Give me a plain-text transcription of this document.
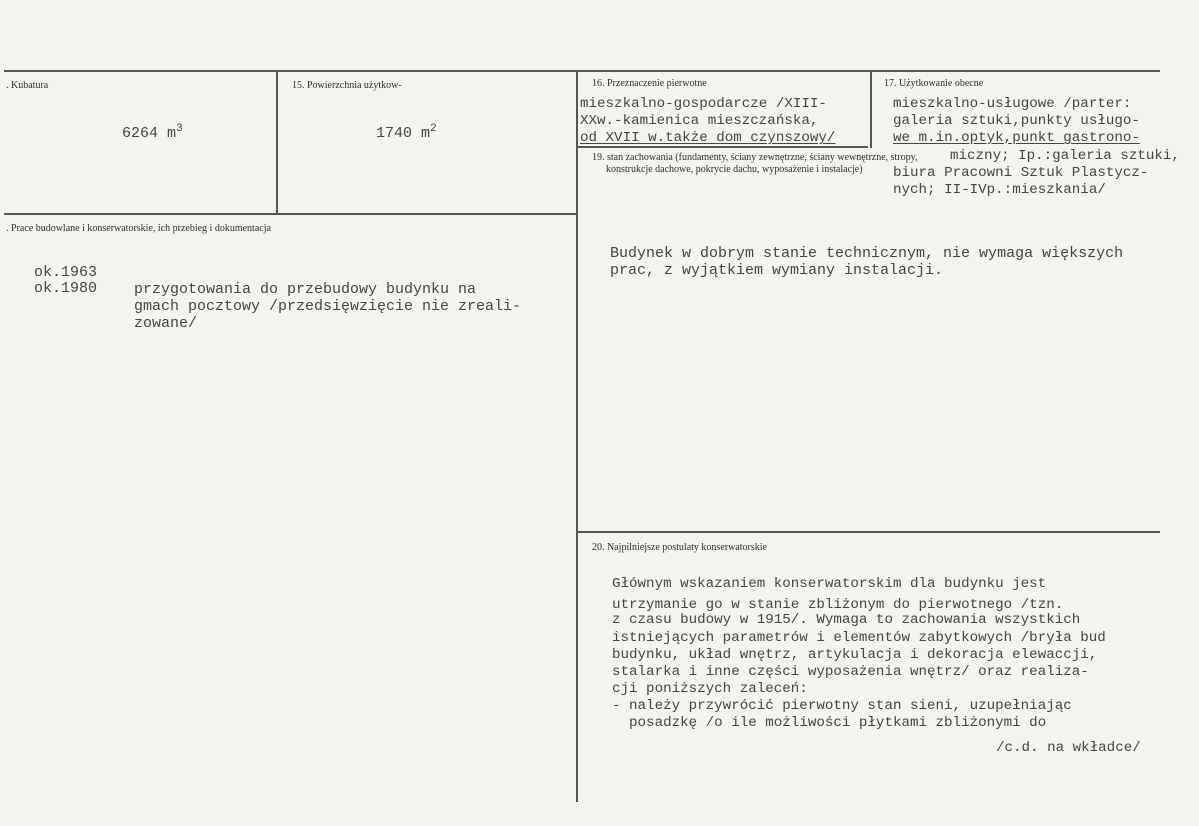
. Kubatura

6264 $m^3$

15. Powierzchnia użytkow-

1740 $m^2$

16. Przeznaczenie pierwotne
mieszkalno-gospodarcze /XIII-
XXw.-kamienica mieszczańska,
od XVII w.także dom czynszowy/
17. Użytkowanie obecne
mieszkalno-usługowe /parter:
galeria sztuki,punkty usługo-
we m.in.optyk,punkt gastrono-
miczny; Ip.:galeria sztuki,
biura Pracowni Sztuk Plastycz-
nych; II-IVp.:mieszkania/
. Prace budowlane i konserwatorskie, ich przebieg i dokumentacja
ok.1963
ok.1980 przygotowania do przebudowy budynku na
gmach pocztowy /przedsięwzięcie nie zreali-
zowane/
19. stan zachowania (fundamenty, ściany zewnętrzne, ściany wewnętrzne, stropy,
konstrukcje dachowe, pokrycie dachu, wyposażenie i instalacje)
Budynek w dobrym stanie technicznym, nie wymaga większych
prac, z wyjątkiem wymiany instalacji.
20. Najpilniejsze postulaty konserwatorskie
Głównym wskazaniem konserwatorskim dla budynku jest
utrzymanie go w stanie zbliżonym do pierwotnego /tzn.
z czasu budowy w 1915/. Wymaga to zachowania wszystkich
istniejących parametrów i elementów zabytkowych /bryła bud
budynku, układ wnętrz, artykulacja i dekoracja elewaccji,
stalarka i inne części wyposażenia wnętrz/ oraz realiza-
cji poniższych zaleceń:
- należy przywrócić pierwotny stan sieni, uzupełniając
posadzkę /o ile możliwości płytkami zbliżonymi do
/c.d. na wkładce/
